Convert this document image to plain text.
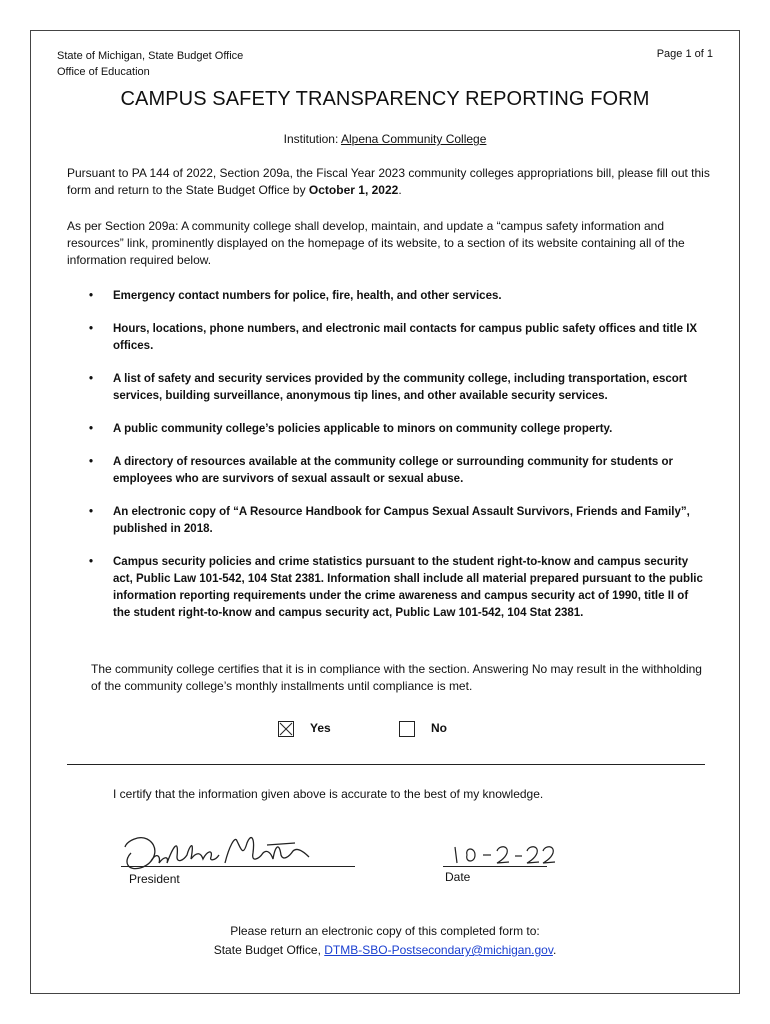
State of Michigan, State Budget Office
Office of Education
Page 1 of 1
CAMPUS SAFETY TRANSPARENCY REPORTING FORM
Institution: Alpena Community College
Pursuant to PA 144 of 2022, Section 209a, the Fiscal Year 2023 community colleges appropriations bill, please fill out this form and return to the State Budget Office by October 1, 2022.
As per Section 209a: A community college shall develop, maintain, and update a “campus safety information and resources” link, prominently displayed on the homepage of its website, to a section of its website containing all of the information required below.
• Emergency contact numbers for police, fire, health, and other services.
• Hours, locations, phone numbers, and electronic mail contacts for campus public safety offices and title IX offices.
• A list of safety and security services provided by the community college, including transportation, escort services, building surveillance, anonymous tip lines, and other available security services.
• A public community college’s policies applicable to minors on community college property.
• A directory of resources available at the community college or surrounding community for students or employees who are survivors of sexual assault or sexual abuse.
• An electronic copy of “A Resource Handbook for Campus Sexual Assault Survivors, Friends and Family”, published in 2018.
• Campus security policies and crime statistics pursuant to the student right-to-know and campus security act, Public Law 101-542, 104 Stat 2381. Information shall include all material prepared pursuant to the public information reporting requirements under the crime awareness and campus security act of 1990, title II of the student right-to-know and campus security act, Public Law 101-542, 104 Stat 2381.
The community college certifies that it is in compliance with the section. Answering No may result in the withholding of the community college’s monthly installments until compliance is met.
Yes	No
I certify that the information given above is accurate to the best of my knowledge.
President	Date
Please return an electronic copy of this completed form to:
State Budget Office, DTMB-SBO-Postsecondary@michigan.gov.
